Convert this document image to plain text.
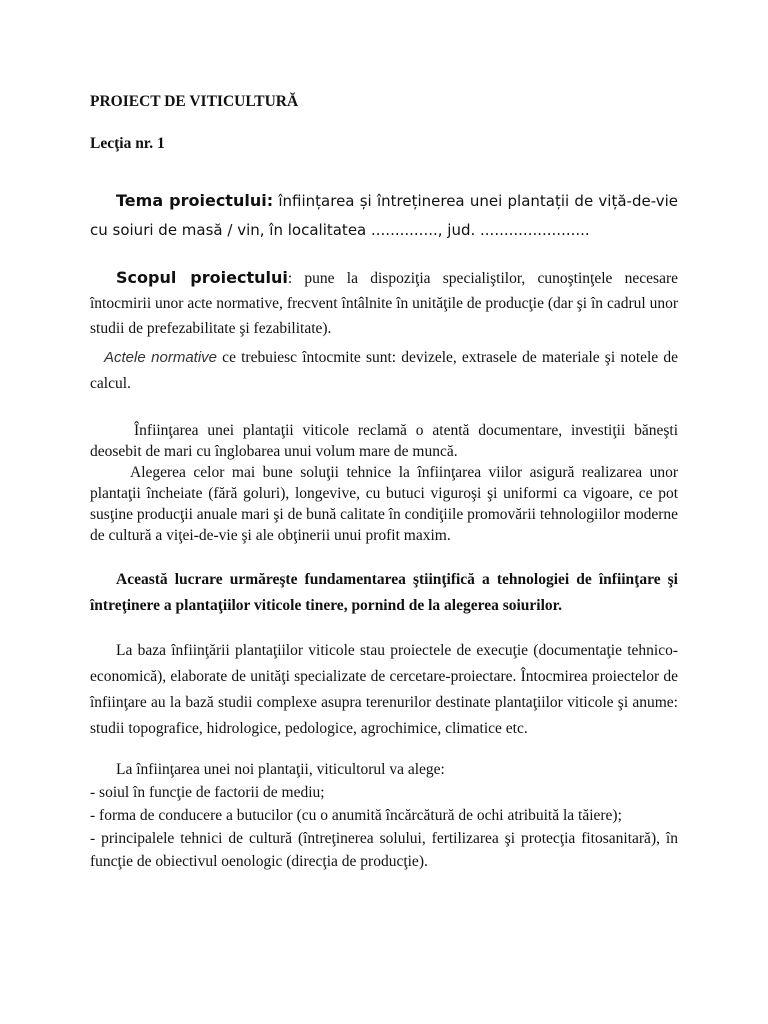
PROIECT DE VITICULTURĂ

Lecţia nr. 1

Tema proiectului: înființarea și întreținerea unei plantații de viță-de-vie cu soiuri de masă / vin, în localitatea .............., jud. .......................

Scopul proiectului: pune la dispoziţia specialiştilor, cunoştinţele necesare întocmirii unor acte normative, frecvent întâlnite în unităţile de producţie (dar şi în cadrul unor studii de prefezabilitate şi fezabilitate).

Actele normative ce trebuiesc întocmite sunt: devizele, extrasele de materiale şi notele de calcul.

Înfiinţarea unei plantaţii viticole reclamă o atentă documentare, investiţii băneşti deosebit de mari cu înglobarea unui volum mare de muncă.

Alegerea celor mai bune soluţii tehnice la înfiinţarea viilor asigură realizarea unor plantaţii încheiate (fără goluri), longevive, cu butuci viguroşi şi uniformi ca vigoare, ce pot susţine producţii anuale mari şi de bună calitate în condiţiile promovării tehnologiilor moderne de cultură a viţei-de-vie şi ale obţinerii unui profit maxim.

Această lucrare urmăreşte fundamentarea ştiinţifică a tehnologiei de înfiinţare şi întreţinere a plantaţiilor viticole tinere, pornind de la alegerea soiurilor.

La baza înfiinţării plantaţiilor viticole stau proiectele de execuţie (documentaţie tehnico-economică), elaborate de unităţi specializate de cercetare-proiectare. Întocmirea proiectelor de înfiinţare au la bază studii complexe asupra terenurilor destinate plantaţiilor viticole şi anume: studii topografice, hidrologice, pedologice, agrochimice, climatice etc.

La înfiinţarea unei noi plantaţii, viticultorul va alege:
- soiul în funcţie de factorii de mediu;
- forma de conducere a butucilor (cu o anumită încărcătură de ochi atribuită la tăiere);
- principalele tehnici de cultură (întreţinerea solului, fertilizarea şi protecţia fitosanitară), în funcţie de obiectivul oenologic (direcţia de producţie).
